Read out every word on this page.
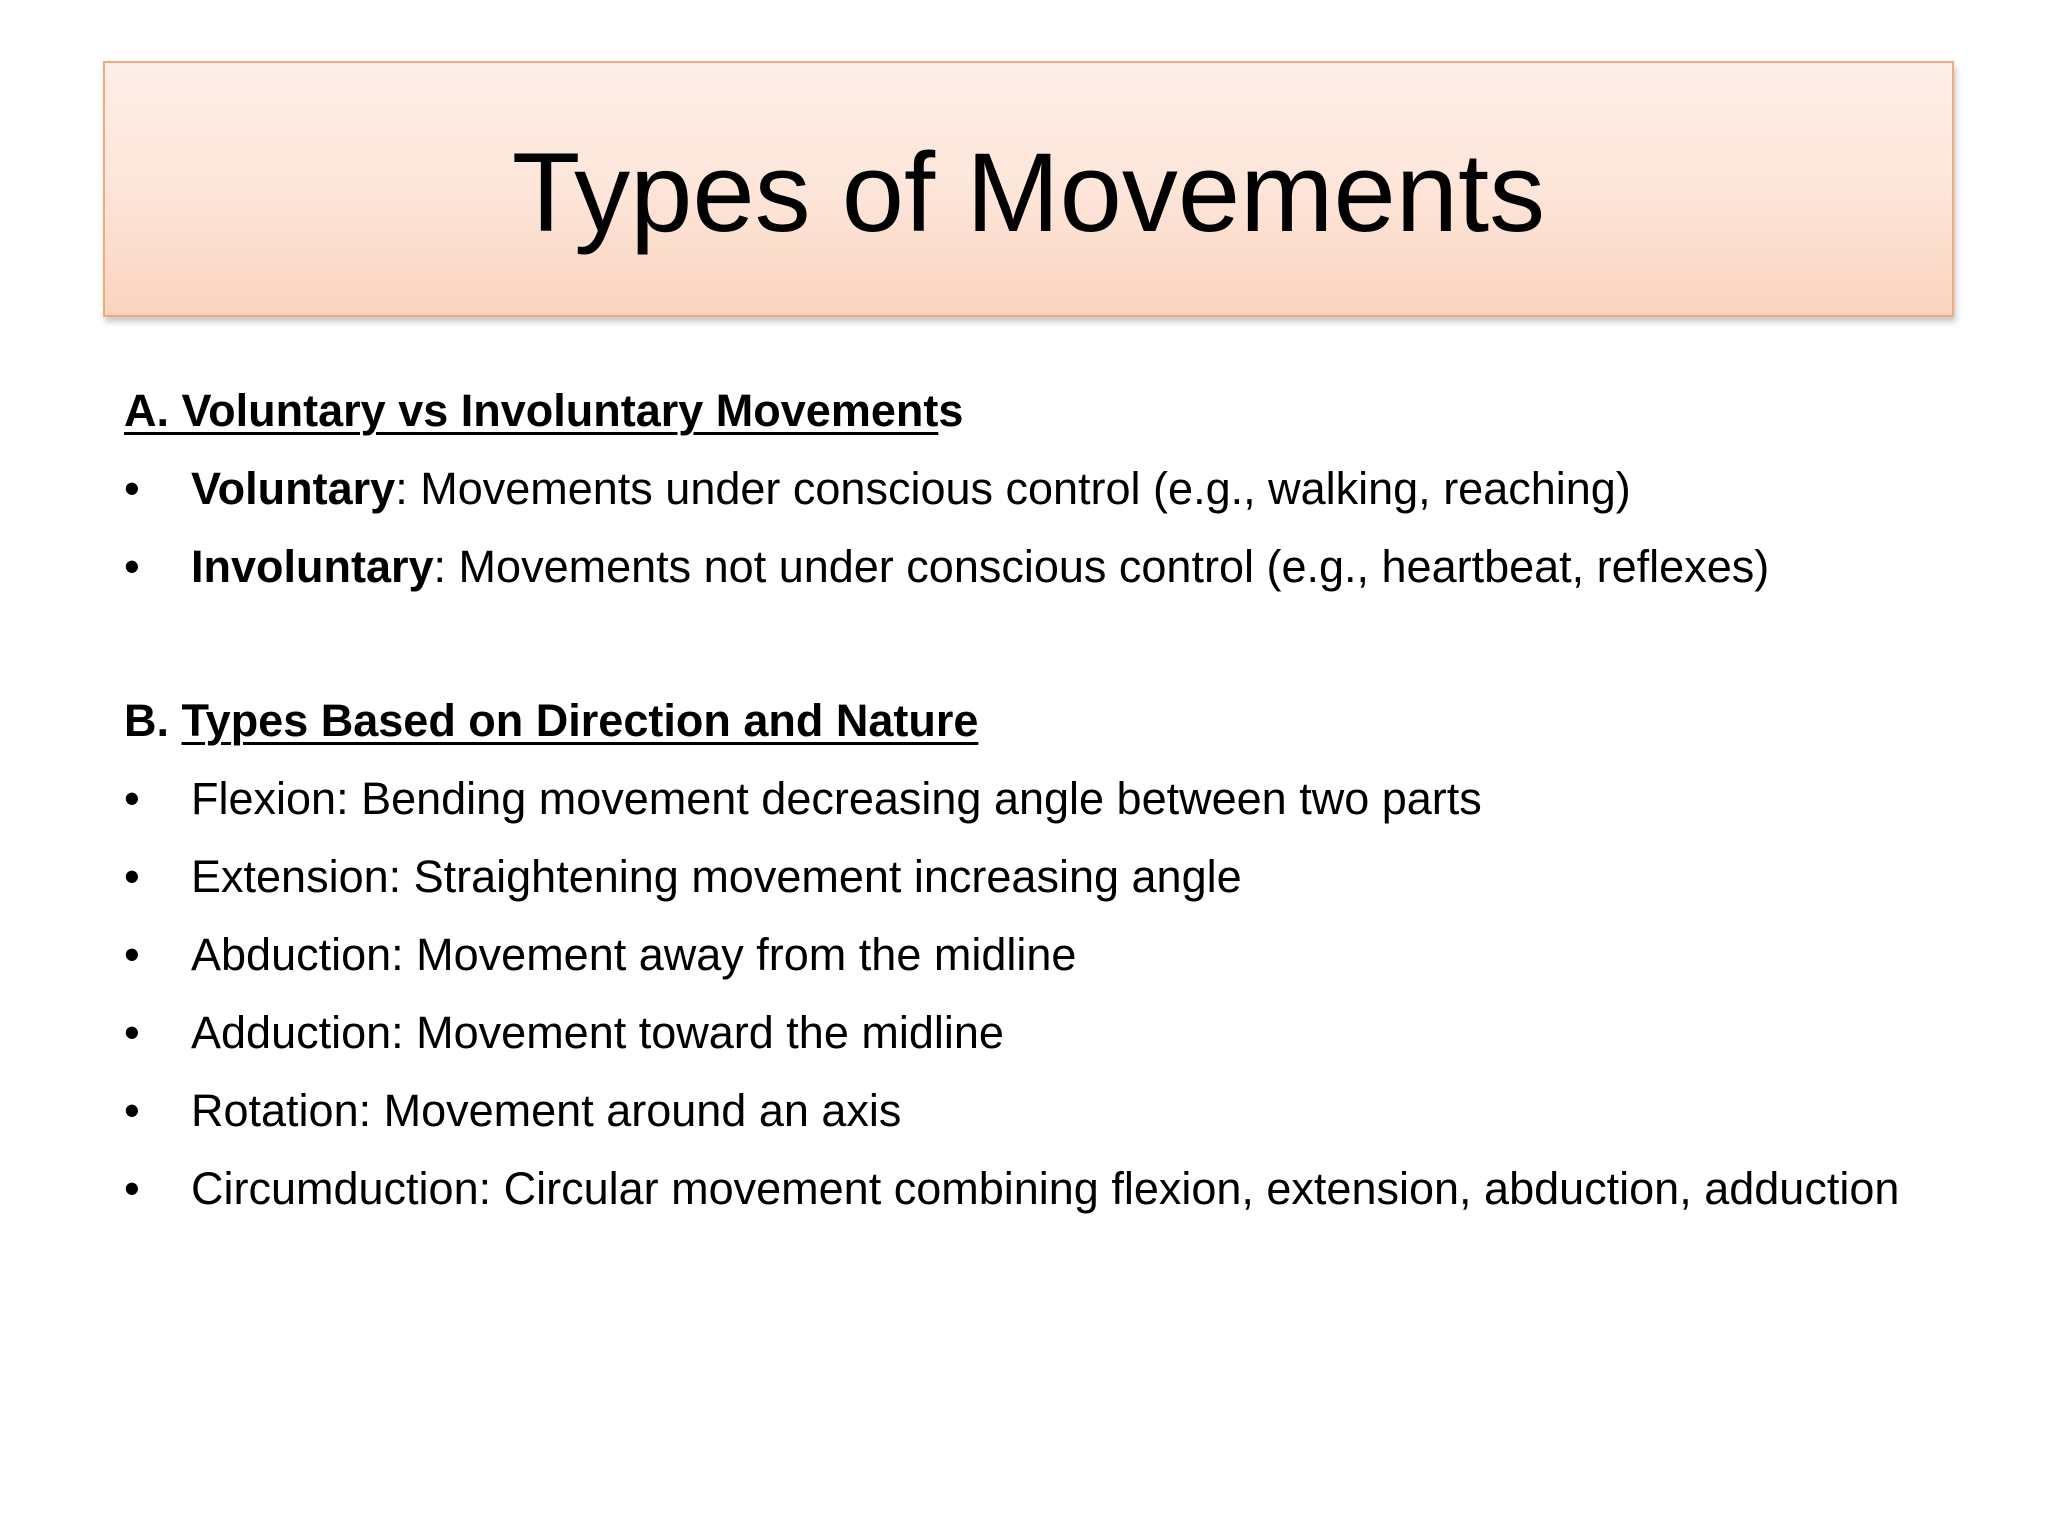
Types of Movements

A. Voluntary vs Involuntary Movements

•	Voluntary: Movements under conscious control (e.g., walking, reaching)
•	Involuntary: Movements not under conscious control (e.g., heartbeat, reflexes)

B. Types Based on Direction and Nature

•	Flexion: Bending movement decreasing angle between two parts
•	Extension: Straightening movement increasing angle
•	Abduction: Movement away from the midline
•	Adduction: Movement toward the midline
•	Rotation: Movement around an axis
•	Circumduction: Circular movement combining flexion, extension, abduction, adduction
